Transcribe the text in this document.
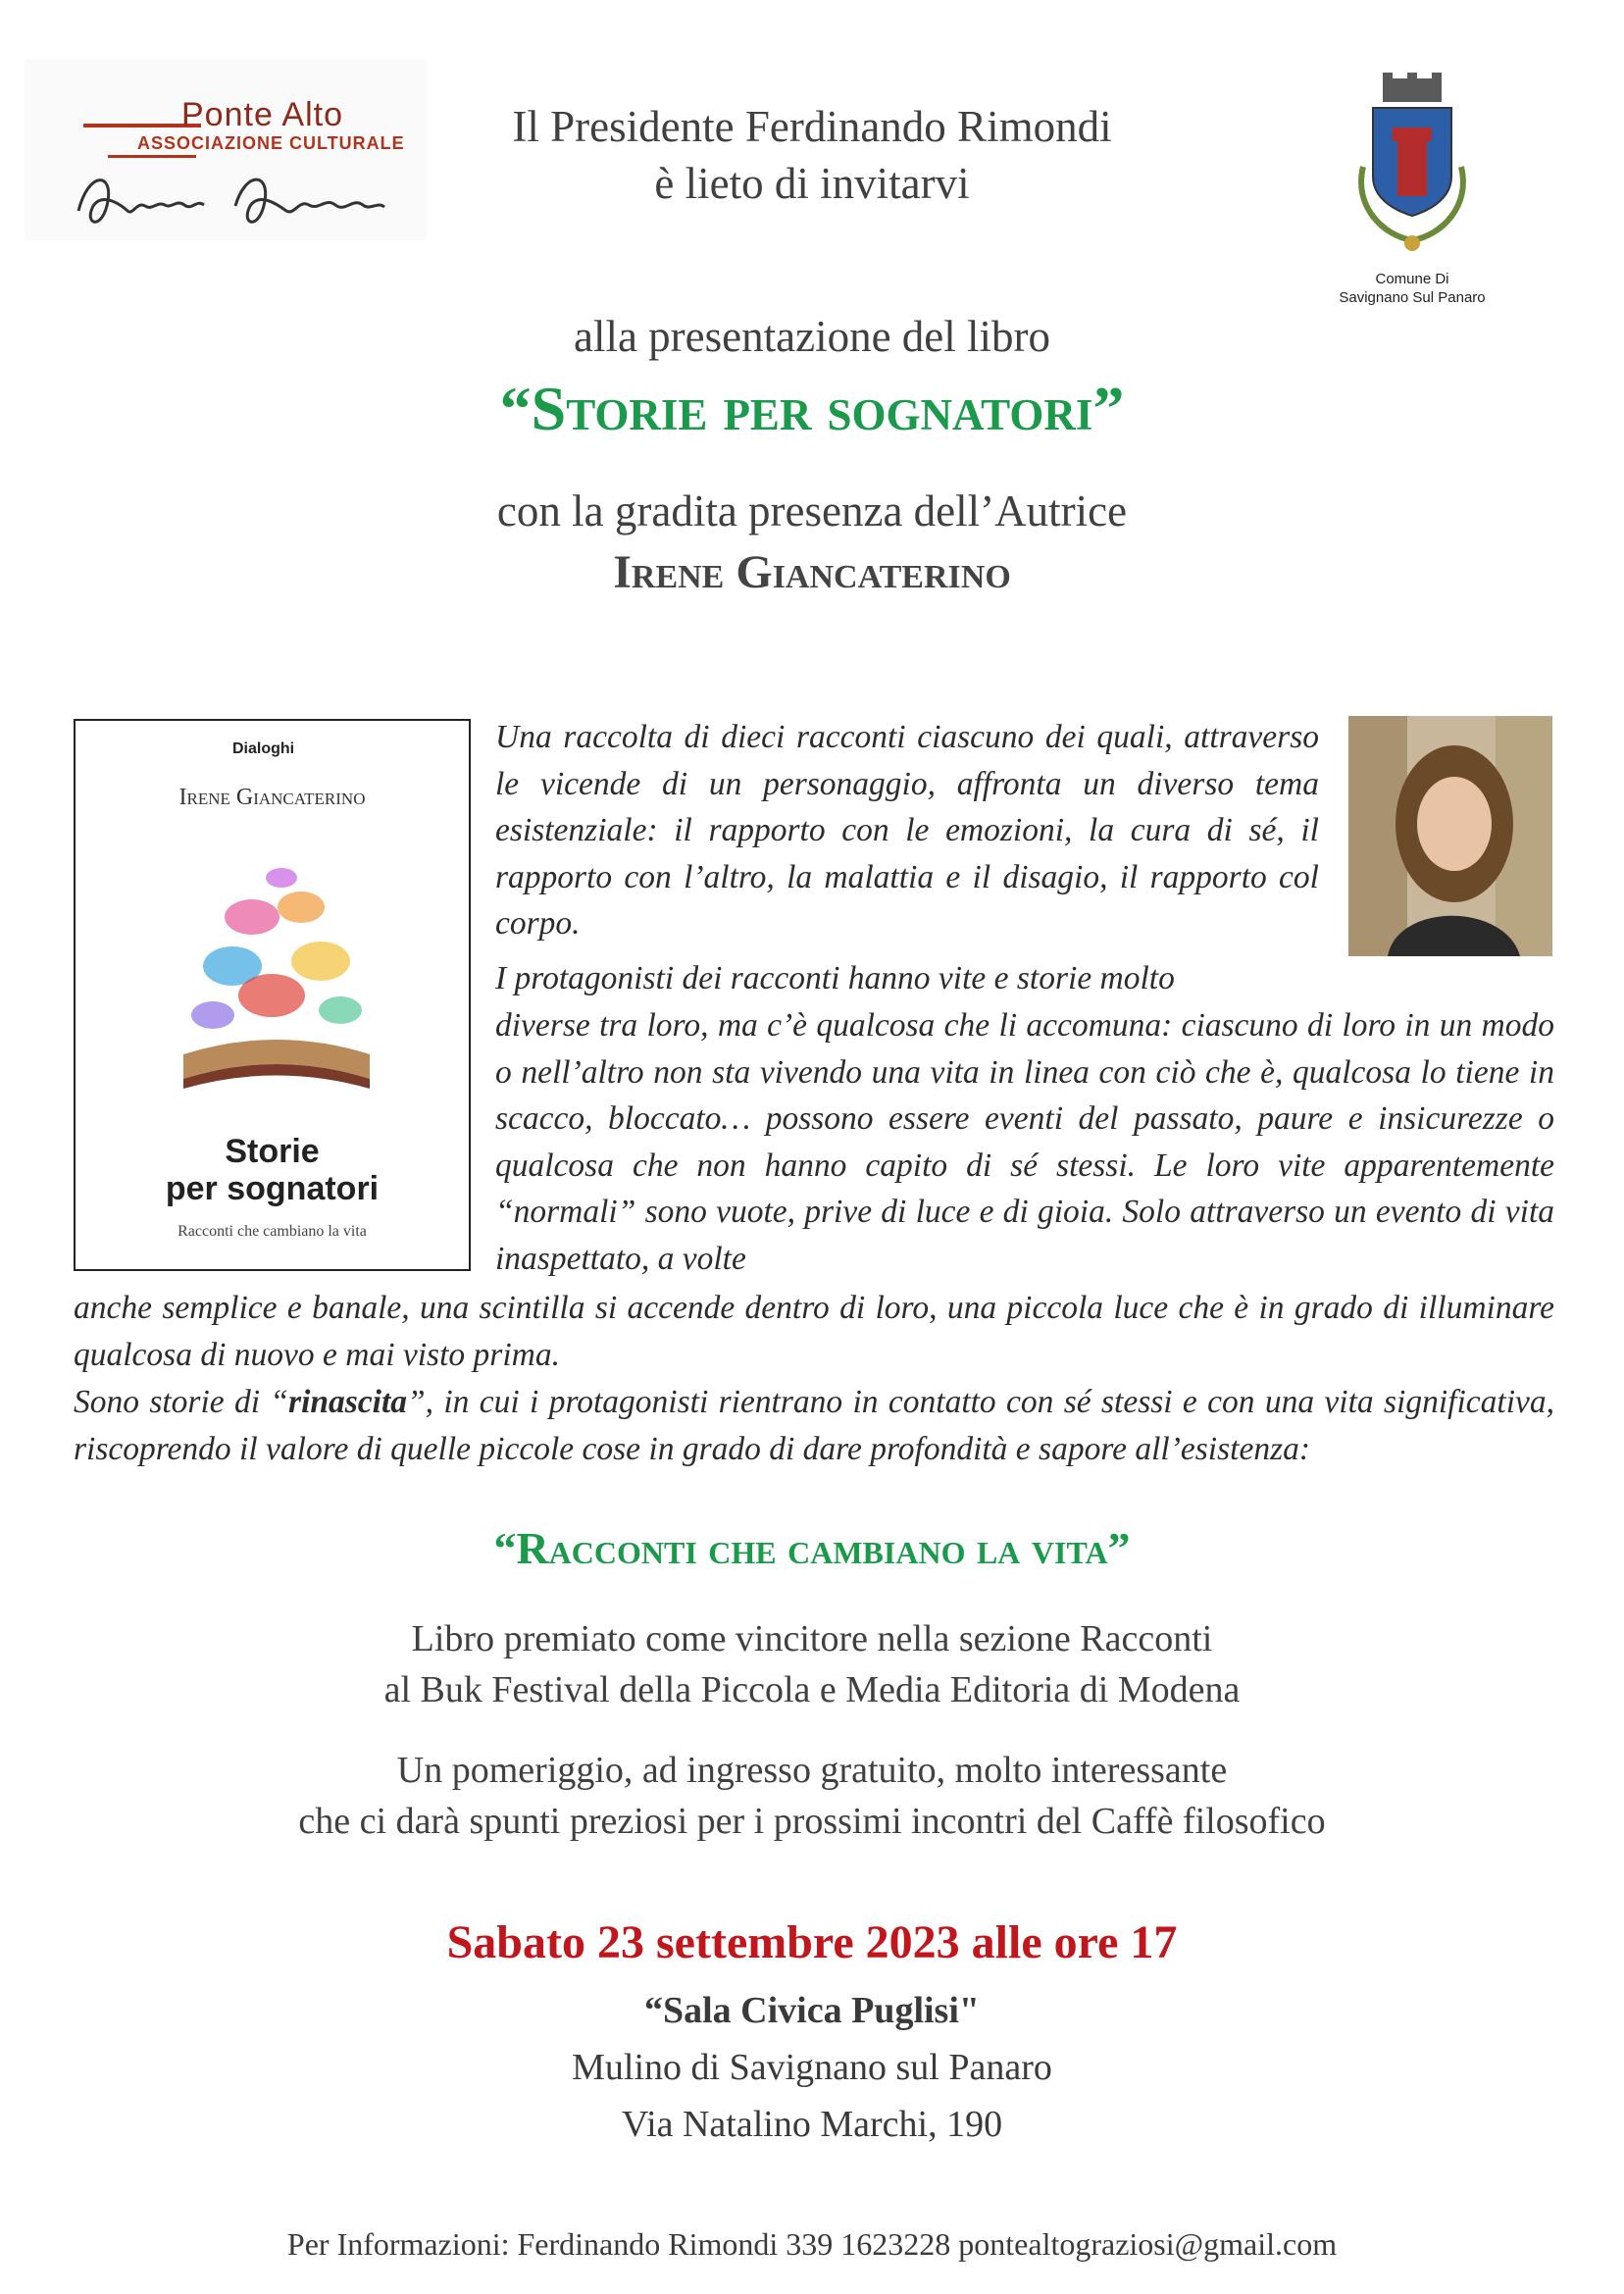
Ponte Alto
ASSOCIAZIONE CULTURALE
Comune Di
Savignano Sul Panaro
Il Presidente Ferdinando Rimondi
è lieto di invitarvi
alla presentazione del libro
“Storie per sognatori”
con la gradita presenza dell’Autrice
Irene Giancaterino
Dialoghi
Irene Giancaterino
Storie
per sognatori
Racconti che cambiano la vita
Una raccolta di dieci racconti ciascuno dei quali, attraverso le vicende di un personaggio, affronta un diverso tema esistenziale: il rapporto con le emozioni, la cura di sé, il rapporto con l’altro, la malattia e il disagio, il rapporto col corpo.
I protagonisti dei racconti hanno vite e storie molto
diverse tra loro, ma c’è qualcosa che li accomuna: ciascuno di loro in un modo o nell’altro non sta vivendo una vita in linea con ciò che è, qualcosa lo tiene in scacco, bloccato… possono essere eventi del passato, paure e insicurezze o qualcosa che non hanno capito di sé stessi. Le loro vite apparentemente “normali” sono vuote, prive di luce e di gioia. Solo attraverso un evento di vita inaspettato, a volte
anche semplice e banale, una scintilla si accende dentro di loro, una piccola luce che è in grado di illuminare qualcosa di nuovo e mai visto prima.
Sono storie di “rinascita”, in cui i protagonisti rientrano in contatto con sé stessi e con una vita significativa, riscoprendo il valore di quelle piccole cose in grado di dare profondità e sapore all’esistenza:
“Racconti che cambiano la vita”
Libro premiato come vincitore nella sezione Racconti
al Buk Festival della Piccola e Media Editoria di Modena
Un pomeriggio, ad ingresso gratuito, molto interessante
che ci darà spunti preziosi per i prossimi incontri del Caffè filosofico
Sabato 23 settembre 2023 alle ore 17
“Sala Civica Puglisi"
Mulino di Savignano sul Panaro
Via Natalino Marchi, 190
Per Informazioni: Ferdinando Rimondi 339 1623228 pontealtograziosi@gmail.com
